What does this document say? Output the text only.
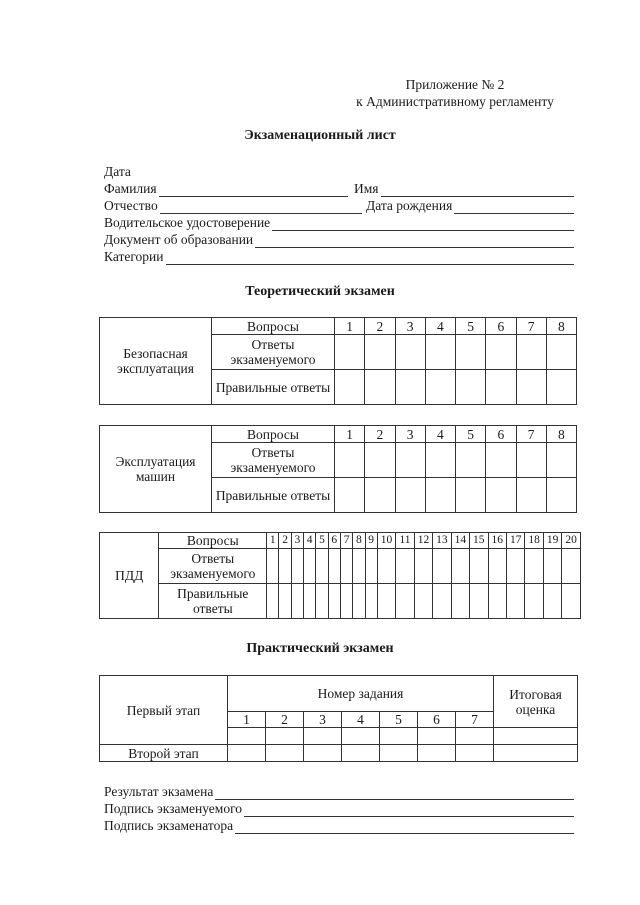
Приложение № 2
к Административному регламенту
Экзаменационный лист
Дата
Фамилия	Имя
Отчество	Дата рождения
Водительское удостоверение
Документ об образовании
Категории
Теоретический экзамен
Безопасная эксплуатация	Вопросы	1	2	3	4	5	6	7	8
	Ответы экзаменуемого								
	Правильные ответы								
Эксплуатация машин	Вопросы	1	2	3	4	5	6	7	8
	Ответы экзаменуемого								
	Правильные ответы								
ПДД	Вопросы	1	2	3	4	5	6	7	8	9	10	11	12	13	14	15	16	17	18	19	20
	Ответы экзаменуемого																				
	Правильные ответы																				
Практический экзамен
Первый этап	Номер задания							Итоговая оценка
	1	2	3	4	5	6	7	

Второй этап								
Результат экзамена
Подпись экзаменуемого
Подпись экзаменатора
